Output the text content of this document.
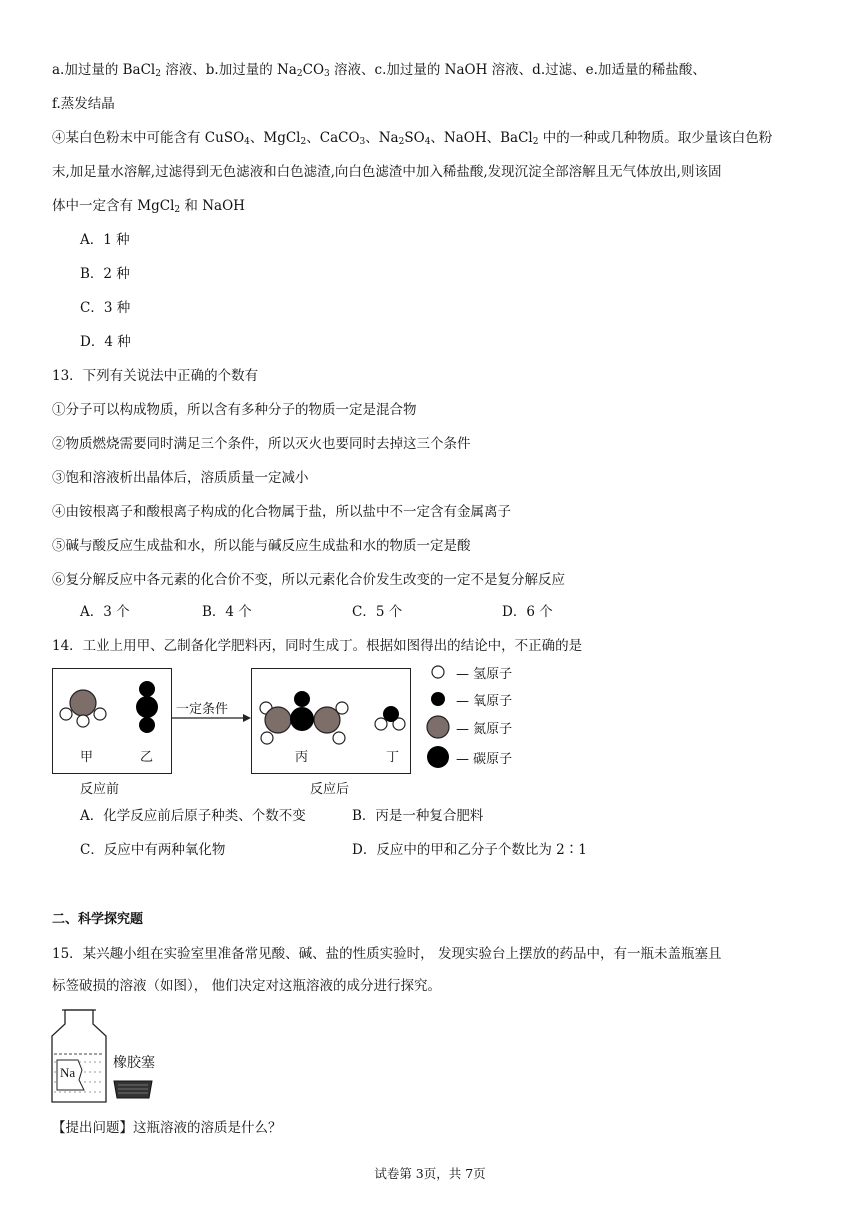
a.加过量的 BaCl$_2$ 溶液、b.加过量的 $Na_2CO_3$ 溶液、c.加过量的 NaOH 溶液、d.过滤、e.加适量的稀盐酸、
f.蒸发结晶
④某白色粉末中可能含有 CuSO$_4$、MgCl$_2$、CaCO$_3$、$Na_2SO_4$、NaOH、BaCl$_2$ 中的一种或几种物质。取少量该白色粉
末,加足量水溶解,过滤得到无色滤液和白色滤渣,向白色滤渣中加入稀盐酸,发现沉淀全部溶解且无气体放出,则该固
体中一定含有 MgCl$_2$ 和 NaOH
A．1 种
B．2 种
C．3 种
D．4 种
13．下列有关说法中正确的个数有
①分子可以构成物质，所以含有多种分子的物质一定是混合物
②物质燃烧需要同时满足三个条件，所以灭火也要同时去掉这三个条件
③饱和溶液析出晶体后，溶质质量一定减小
④由铵根离子和酸根离子构成的化合物属于盐，所以盐中不一定含有金属离子
⑤碱与酸反应生成盐和水，所以能与碱反应生成盐和水的物质一定是酸
⑥复分解反应中各元素的化合价不变，所以元素化合价发生改变的一定不是复分解反应
A．3 个	B．4 个	C．5 个	D．6 个
14．工业上用甲、乙制备化学肥料丙，同时生成丁。根据如图得出的结论中，不正确的是
甲	乙
一定条件
丙	丁
反应前	反应后
— 氢原子
— 氧原子
— 氮原子
— 碳原子
A．化学反应前后原子种类、个数不变	B．丙是一种复合肥料
C．反应中有两种氧化物	D．反应中的甲和乙分子个数比为 2∶1
二、科学探究题
15．某兴趣小组在实验室里准备常见酸、碱、盐的性质实验时， 发现实验台上摆放的药品中，有一瓶未盖瓶塞且
标签破损的溶液（如图）， 他们决定对这瓶溶液的成分进行探究。
Na
橡胶塞
【提出问题】这瓶溶液的溶质是什么？
试卷第 3页，共 7页
